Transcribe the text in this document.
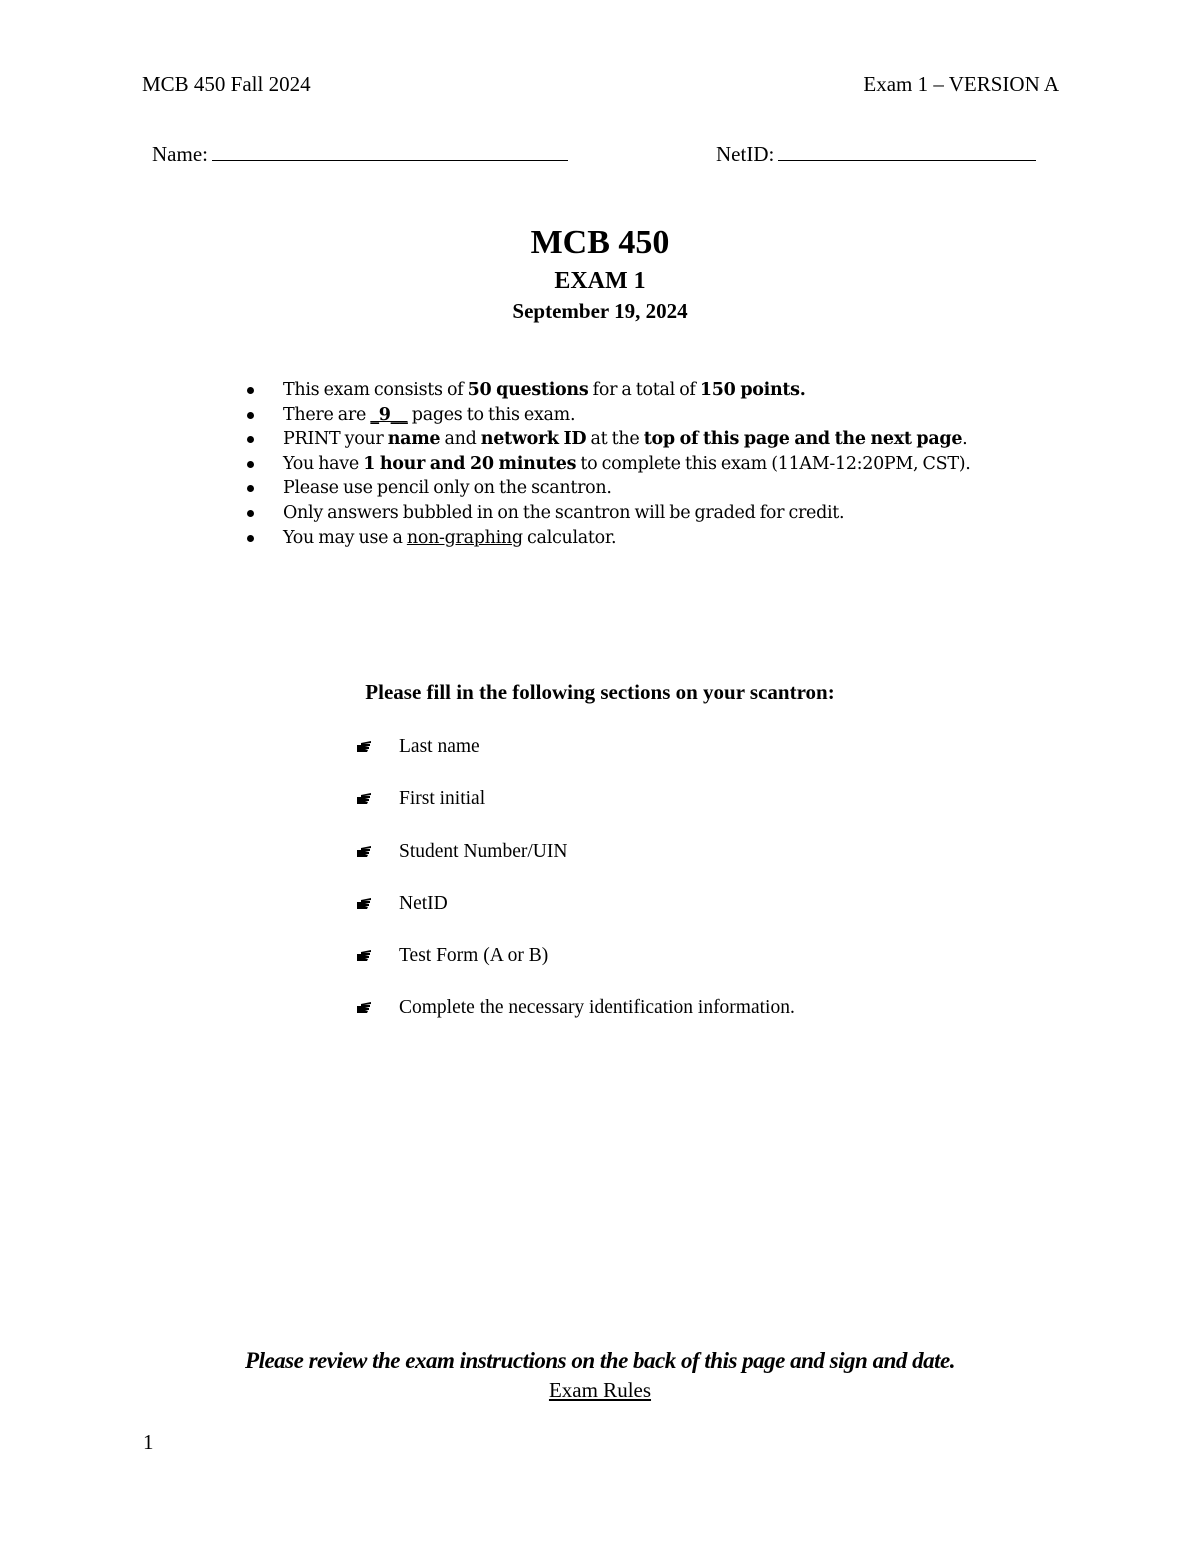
MCB 450 Fall 2024	Exam 1 – VERSION A
Name:	NetID:
MCB 450
EXAM 1
September 19, 2024
This exam consists of 50 questions for a total of 150 points.
There are _9__ pages to this exam.
PRINT your name and network ID at the top of this page and the next page.
You have 1 hour and 20 minutes to complete this exam (11AM-12:20PM, CST).
Please use pencil only on the scantron.
Only answers bubbled in on the scantron will be graded for credit.
You may use a non-graphing calculator.
Please fill in the following sections on your scantron:
Last name
First initial
Student Number/UIN
NetID
Test Form (A or B)
Complete the necessary identification information.
Please review the exam instructions on the back of this page and sign and date.
Exam Rules
1
